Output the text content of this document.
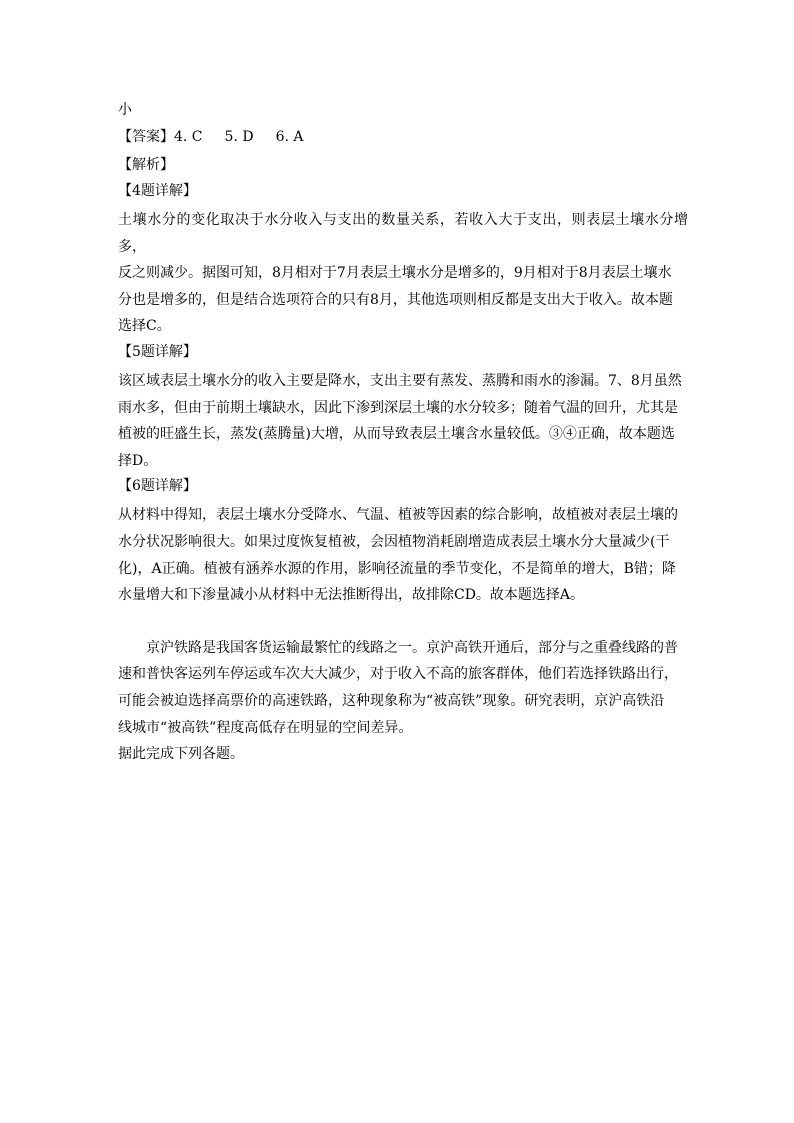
小
【答案】4. C 5. D 6. A
【解析】
【4题详解】

土壤水分的变化取决于水分收入与支出的数量关系，若收入大于支出，则表层土壤水分增多，

反之则减少。据图可知，8月相对于7月表层土壤水分是增多的，9月相对于8月表层土壤水

分也是增多的，但是结合选项符合的只有8月，其他选项则相反都是支出大于收入。故本题

选择C。

【5题详解】

该区域表层土壤水分的收入主要是降水，支出主要有蒸发、蒸腾和雨水的渗漏。7、8月虽然

雨水多，但由于前期土壤缺水，因此下渗到深层土壤的水分较多；随着气温的回升，尤其是

植被的旺盛生长，蒸发(蒸腾量)大增，从而导致表层土壤含水量较低。③④正确，故本题选

择D。

【6题详解】

从材料中得知，表层土壤水分受降水、气温、植被等因素的综合影响，故植被对表层土壤的

水分状况影响很大。如果过度恢复植被，会因植物消耗剧增造成表层土壤水分大量减少(干

化)，A正确。植被有涵养水源的作用，影响径流量的季节变化，不是简单的增大，B错；降

水量增大和下渗量减小从材料中无法推断得出，故排除CD。故本题选择A。

京沪铁路是我国客货运输最繁忙的线路之一。京沪高铁开通后，部分与之重叠线路的普

速和普快客运列车停运或车次大大减少，对于收入不高的旅客群体，他们若选择铁路出行，

可能会被迫选择高票价的高速铁路，这种现象称为“被高铁”现象。研究表明，京沪高铁沿

线城市“被高铁”程度高低存在明显的空间差异。

据此完成下列各题。
